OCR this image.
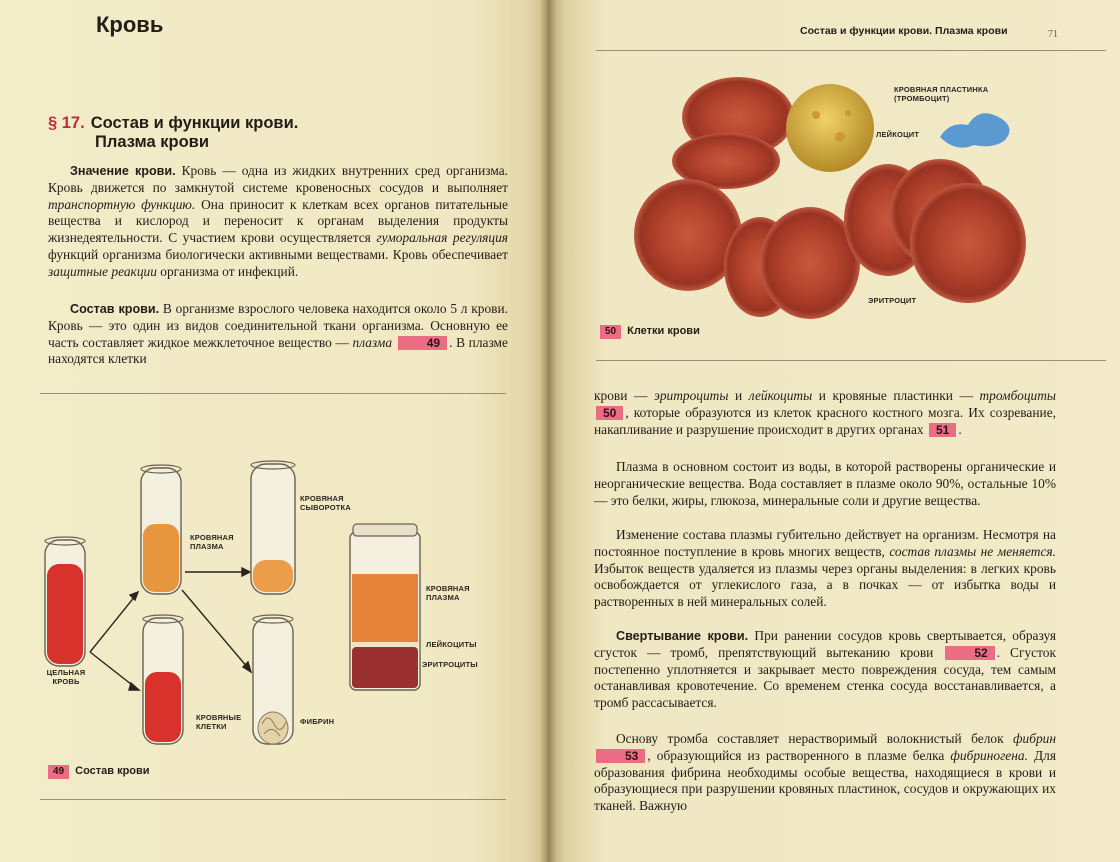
Кровь
§ 17. Состав и функции крови.
Плазма крови
Значение крови. Кровь — одна из жидких внутренних сред организма. Кровь движется по замкнутой системе кровеносных сосудов и выполняет транспортную функцию. Она приносит к клеткам всех органов питательные вещества и кислород и переносит к органам выделения продукты жизнедеятельности. С участием крови осуществляется гуморальная регуляция функций организма биологически активными веществами. Кровь обеспечивает защитные реакции организма от инфекций.
Состав крови. В организме взрослого человека находится около 5 л крови. Кровь — это один из видов соединительной ткани организма. Основную ее часть составляет жидкое межклеточное вещество — плазма	49 . В плазме находятся клетки
ЦЕЛЬНАЯ КРОВЬ
КРОВЯНАЯ ПЛАЗМА
КРОВЯНАЯ СЫВОРОТКА
КРОВЯНЫЕ КЛЕТКИ
ФИБРИН
КРОВЯНАЯ ПЛАЗМА
ЛЕЙКОЦИТЫ
ЭРИТРОЦИТЫ
49 Состав крови
Состав и функции крови. Плазма крови	71
КРОВЯНАЯ ПЛАСТИНКА (ТРОМБОЦИТ)
ЛЕЙКОЦИТ
ЭРИТРОЦИТ
50 Клетки крови
крови — эритроциты и лейкоциты и кровяные пластинки — тромбоциты 50 , которые образуются из клеток красного костного мозга. Их созревание, накапливание и разрушение происходит в других органах 51 .
Плазма в основном состоит из воды, в которой растворены органические и неорганические вещества. Вода составляет в плазме около 90%, остальные 10% — это белки, жиры, глюкоза, минеральные соли и другие вещества.
Изменение состава плазмы губительно действует на организм. Несмотря на постоянное поступление в кровь многих веществ, состав плазмы не меняется. Избыток веществ удаляется из плазмы через органы выделения: в легких кровь освобождается от углекислого газа, а в почках — от избытка воды и растворенных в ней минеральных солей.
Свертывание крови. При ранении сосудов кровь свертывается, образуя сгусток — тромб, препятствующий вытеканию крови	52 . Сгусток постепенно уплотняется и закрывает место повреждения сосуда, тем самым останавливая кровотечение. Со временем стенка сосуда восстанавливается, а тромб рассасывается.
Основу тромба составляет нерастворимый волокнистый белок фибрин 53 , образующийся из растворенного в плазме белка фибриногена. Для образования фибрина необходимы особые вещества, находящиеся в крови и образующиеся при разрушении кровяных пластинок, сосудов и окружающих их тканей. Важную
